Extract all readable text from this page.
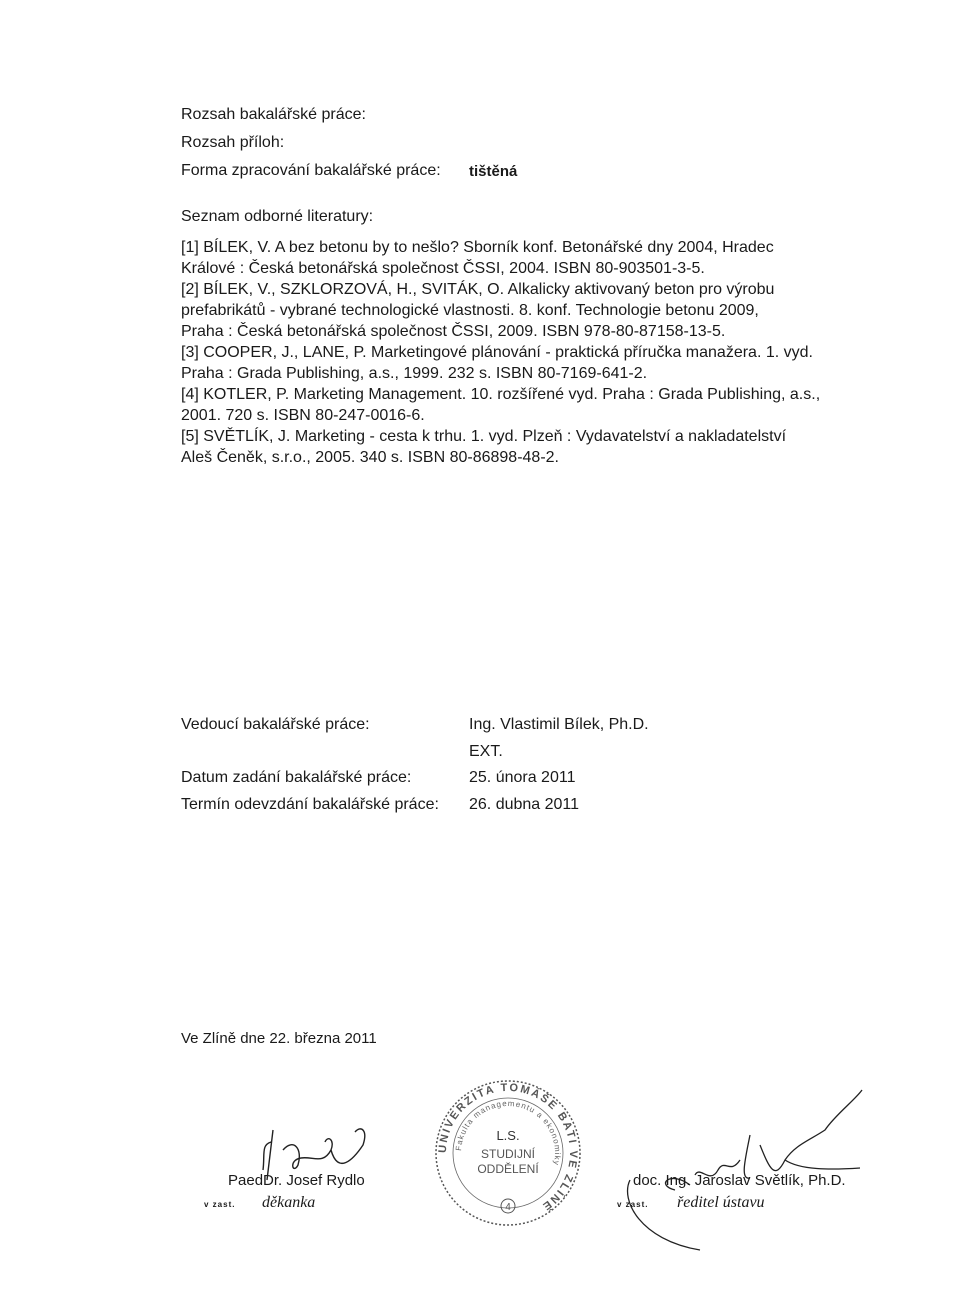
Rozsah bakalářské práce:
Rozsah příloh:
Forma zpracování bakalářské práce: tištěná
Seznam odborné literatury:
[1] BÍLEK, V. A bez betonu by to nešlo? Sborník konf. Betonářské dny 2004, Hradec
Králové : Česká betonářská společnost ČSSI, 2004. ISBN 80-903501-3-5.
[2] BÍLEK, V., SZKLORZOVÁ, H., SVITÁK, O. Alkalicky aktivovaný beton pro výrobu
prefabrikátů - vybrané technologické vlastnosti. 8. konf. Technologie betonu 2009,
Praha : Česká betonářská společnost ČSSI, 2009. ISBN 978-80-87158-13-5.
[3] COOPER, J., LANE, P. Marketingové plánování - praktická příručka manažera. 1. vyd.
Praha : Grada Publishing, a.s., 1999. 232 s. ISBN 80-7169-641-2.
[4] KOTLER, P. Marketing Management. 10. rozšířené vyd. Praha : Grada Publishing, a.s.,
2001. 720 s. ISBN 80-247-0016-6.
[5] SVĚTLÍK, J. Marketing - cesta k trhu. 1. vyd. Plzeň : Vydavatelství a nakladatelství
Aleš Čeněk, s.r.o., 2005. 340 s. ISBN 80-86898-48-2.
Vedoucí bakalářské práce:	Ing. Vlastimil Bílek, Ph.D.
EXT.
Datum zadání bakalářské práce:	25. února 2011
Termín odevzdání bakalářské práce: 26. dubna 2011
Ve Zlíně dne 22. března 2011
UNIVERZITA TOMÁŠE BATI VE ZLÍNĚ
Fakulta managementu a ekonomiky
L.S.
STUDIJNÍ
ODDĚLENÍ
4
PaedDr. Josef Rydlo
v zast. děkanka
doc. Ing. Jaroslav Světlík, Ph.D.
v zast. ředitel ústavu
